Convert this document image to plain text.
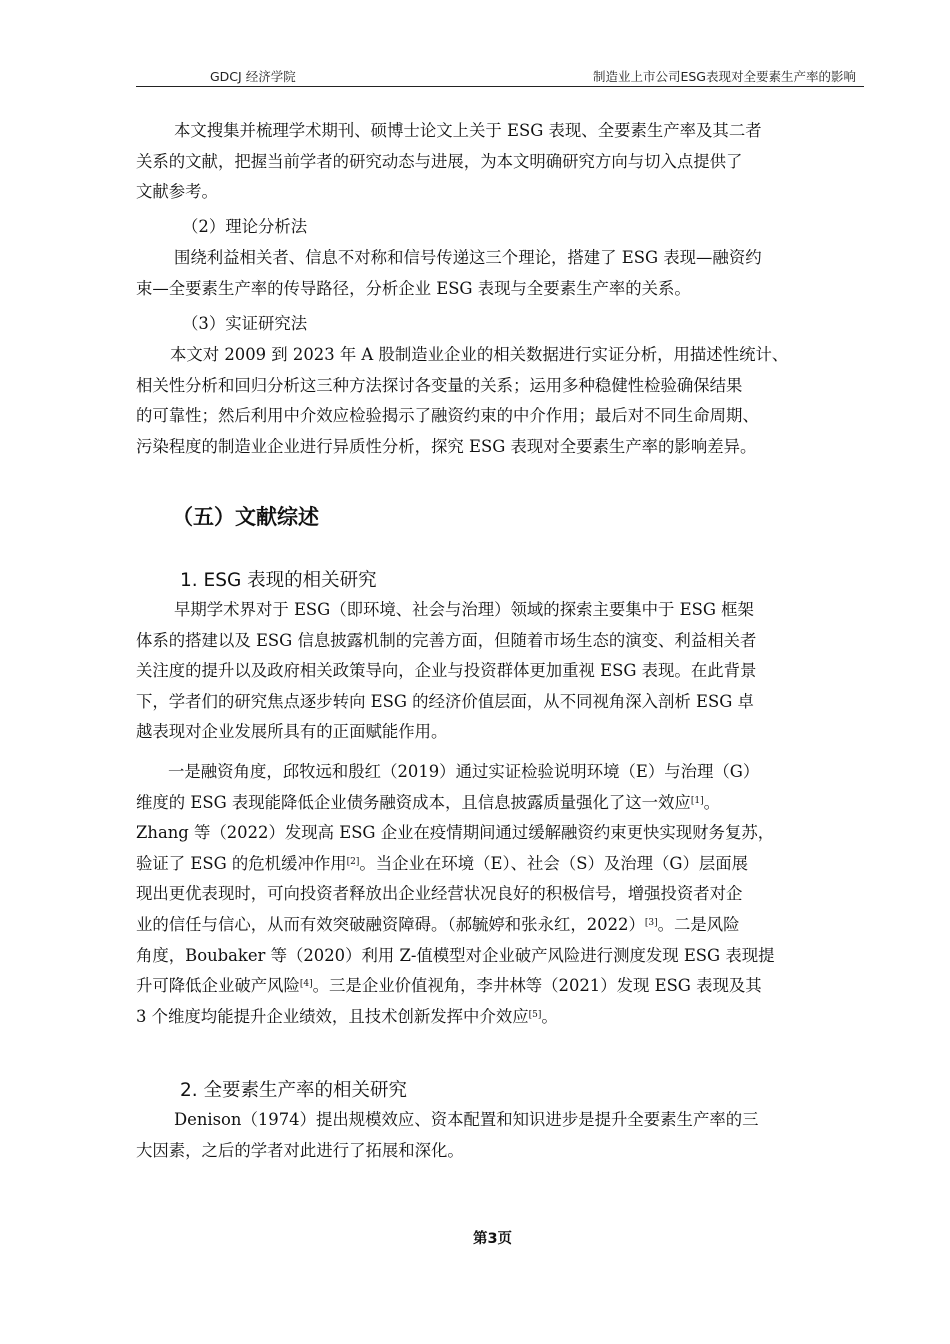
GDCJ 经济学院	制造业上市公司ESG表现对全要素生产率的影响
本文搜集并梳理学术期刊、硕博士论文上关于 ESG 表现、全要素生产率及其二者
关系的文献，把握当前学者的研究动态与进展，为本文明确研究方向与切入点提供了
文献参考。
（2）理论分析法
围绕利益相关者、信息不对称和信号传递这三个理论，搭建了 ESG 表现—融资约
束—全要素生产率的传导路径，分析企业 ESG 表现与全要素生产率的关系。
（3）实证研究法
本文对 2009 到 2023 年 A 股制造业企业的相关数据进行实证分析，用描述性统计、
相关性分析和回归分析这三种方法探讨各变量的关系；运用多种稳健性检验确保结果
的可靠性；然后利用中介效应检验揭示了融资约束的中介作用；最后对不同生命周期、
污染程度的制造业企业进行异质性分析，探究 ESG 表现对全要素生产率的影响差异。
（五）文献综述
1. ESG 表现的相关研究
早期学术界对于 ESG（即环境、社会与治理）领域的探索主要集中于 ESG 框架
体系的搭建以及 ESG 信息披露机制的完善方面，但随着市场生态的演变、利益相关者
关注度的提升以及政府相关政策导向，企业与投资群体更加重视 ESG 表现。在此背景
下，学者们的研究焦点逐步转向 ESG 的经济价值层面，从不同视角深入剖析 ESG 卓
越表现对企业发展所具有的正面赋能作用。
一是融资角度，邱牧远和殷红（2019）通过实证检验说明环境（E）与治理（G）
维度的 ESG 表现能降低企业债务融资成本，且信息披露质量强化了这一效应[1]。
Zhang 等（2022）发现高 ESG 企业在疫情期间通过缓解融资约束更快实现财务复苏，
验证了 ESG 的危机缓冲作用[2]。当企业在环境（E）、社会（S）及治理（G）层面展
现出更优表现时，可向投资者释放出企业经营状况良好的积极信号，增强投资者对企
业的信任与信心，从而有效突破融资障碍。（郝毓婷和张永红，2022）[3]。二是风险
角度，Boubaker 等（2020）利用 Z-值模型对企业破产风险进行测度发现 ESG 表现提
升可降低企业破产风险[4]。三是企业价值视角，李井林等（2021）发现 ESG 表现及其
3 个维度均能提升企业绩效，且技术创新发挥中介效应[5]。
2. 全要素生产率的相关研究
Denison（1974）提出规模效应、资本配置和知识进步是提升全要素生产率的三
大因素，之后的学者对此进行了拓展和深化。
第3页
